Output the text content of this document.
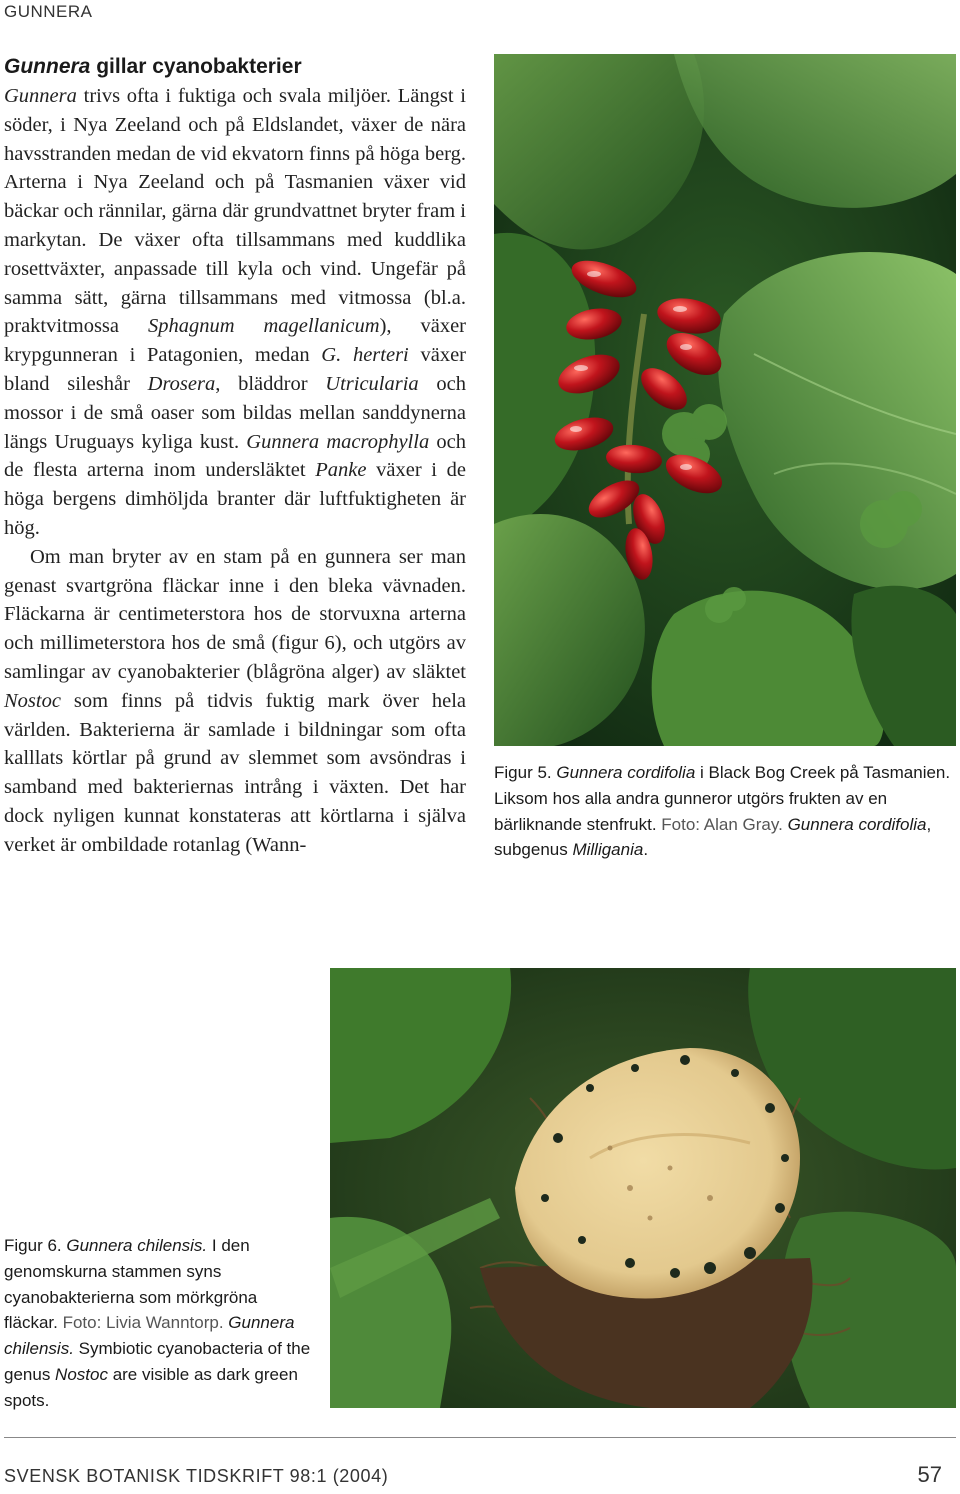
GUNNERA
Gunnera gillar cyanobakterier

Gunnera trivs ofta i fuktiga och svala miljöer. Längst i söder, i Nya Zeeland och på Eldslandet, växer de nära havsstranden medan de vid ekvatorn finns på höga berg. Arterna i Nya Zeeland och på Tasmanien växer vid bäckar och rännilar, gärna där grundvattnet bryter fram i markytan. De växer ofta tillsammans med kuddlika rosettväxter, anpassade till kyla och vind. Ungefär på samma sätt, gärna tillsammans med vitmossa (bl.a. praktvitmossa Sphagnum magellanicum), växer krypgunneran i Patagonien, medan G. herteri växer bland sileshår Drosera, bläddror Utricularia och mossor i de små oaser som bildas mellan sanddynerna längs Uruguays kyliga kust. Gunnera macrophylla och de flesta arterna inom undersläktet Panke växer i de höga bergens dimhöljda branter där luftfuktigheten är hög.

Om man bryter av en stam på en gunnera ser man genast svartgröna fläckar inne i den bleka vävnaden. Fläckarna är centimeterstora hos de storvuxna arterna och millimeterstora hos de små (figur 6), och utgörs av samlingar av cyanobakterier (blågröna alger) av släktet Nostoc som finns på tidvis fuktig mark över hela världen. Bakterierna är samlade i bildningar som ofta kalllats körtlar på grund av slemmet som avsöndras i samband med bakteriernas intrång i växten. Det har dock nyligen kunnat konstateras att körtlarna i själva verket är ombildade rotanlag (Wann-

Figur 5. Gunnera cordifolia i Black Bog Creek på Tasmanien. Liksom hos alla andra gunneror utgörs frukten av en bärliknande stenfrukt. Foto: Alan Gray. Gunnera cordifolia, subgenus Milligania.
Figur 6. Gunnera chilensis. I den genomskurna stammen syns cyanobakterierna som mörkgröna fläckar. Foto: Livia Wanntorp. Gunnera chilensis. Symbiotic cyanobacteria of the genus Nostoc are visible as dark green spots.
SVENSK BOTANISK TIDSKRIFT 98:1 (2004)	57
